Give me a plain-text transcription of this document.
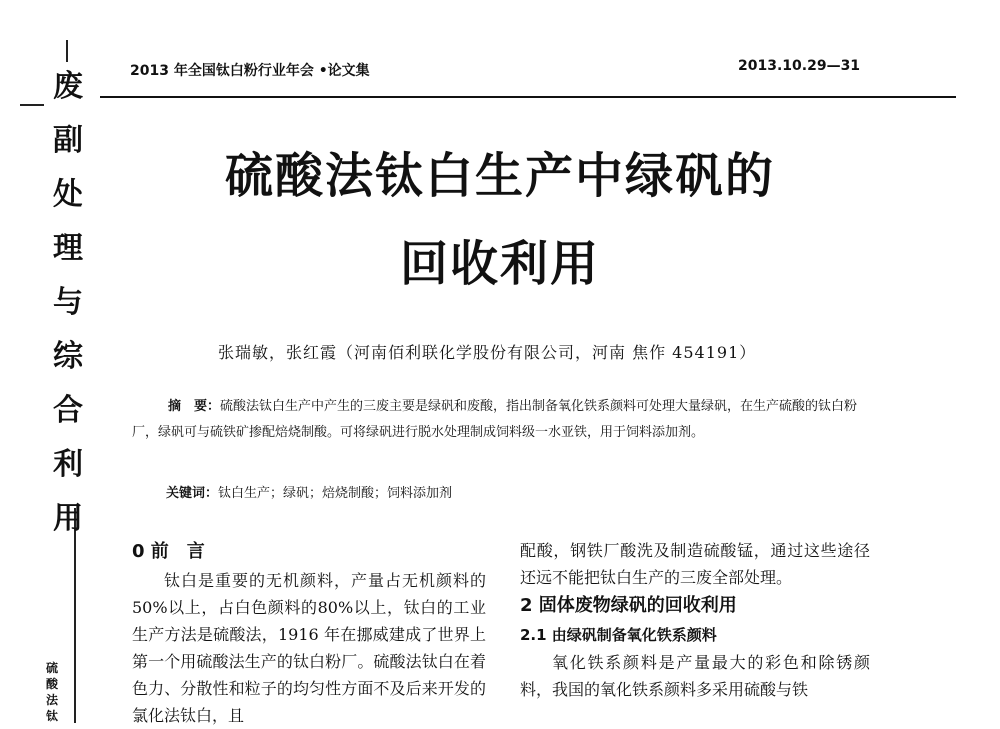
废
副
处
理
与
综
合
利
用
硫
酸
法
钛
2013 年全国钛白粉行业年会 •论文集	2013.10.29—31
硫酸法钛白生产中绿矾的
回收利用
张瑞敏，张红霞（河南佰利联化学股份有限公司，河南 焦作 454191）
摘　要：硫酸法钛白生产中产生的三废主要是绿矾和废酸，指出制备氧化铁系颜料可处理大量绿矾，在生产硫酸的钛白粉厂，绿矾可与硫铁矿掺配焙烧制酸。可将绿矾进行脱水处理制成饲料级一水亚铁，用于饲料添加剂。
关键词：钛白生产；绿矾；焙烧制酸；饲料添加剂
0 前　言

钛白是重要的无机颜料，产量占无机颜料的50%以上，占白色颜料的80%以上，钛白的工业生产方法是硫酸法，1916 年在挪威建成了世界上第一个用硫酸法生产的钛白粉厂。硫酸法钛白在着色力、分散性和粒子的均匀性方面不及后来开发的氯化法钛白，且

配酸，钢铁厂酸洗及制造硫酸锰，通过这些途径还远不能把钛白生产的三废全部处理。

2 固体废物绿矾的回收利用
2.1 由绿矾制备氧化铁系颜料

氧化铁系颜料是产量最大的彩色和除锈颜料，我国的氧化铁系颜料多采用硫酸与铁
